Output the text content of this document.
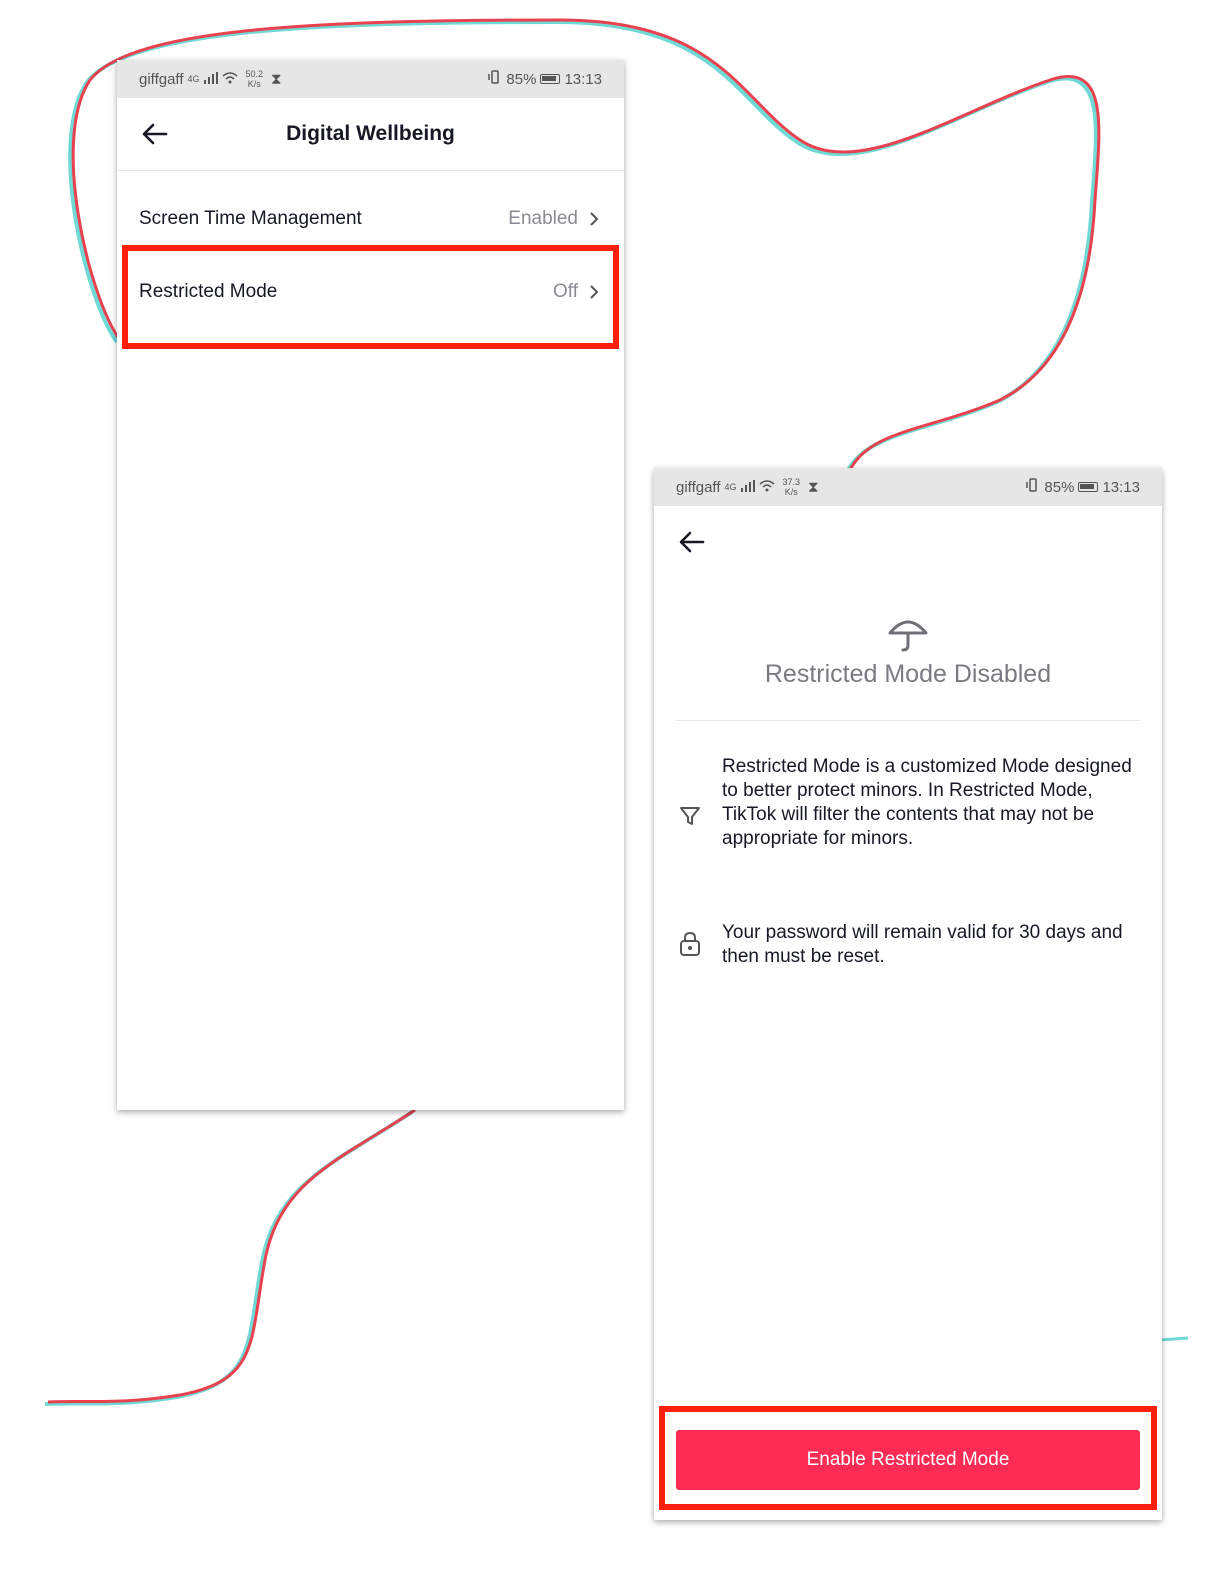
giffgaff 4G	50.2
K/s ⧗	85% 13:13
Digital Wellbeing
Screen Time Management	Enabled
Restricted Mode	Off
giffgaff 4G	37.3
K/s ⧗	85% 13:13
Restricted Mode Disabled
Restricted Mode is a customized Mode designed to better protect minors. In Restricted Mode, TikTok will filter the contents that may not be appropriate for minors.
Your password will remain valid for 30 days and then must be reset.
Enable Restricted Mode
